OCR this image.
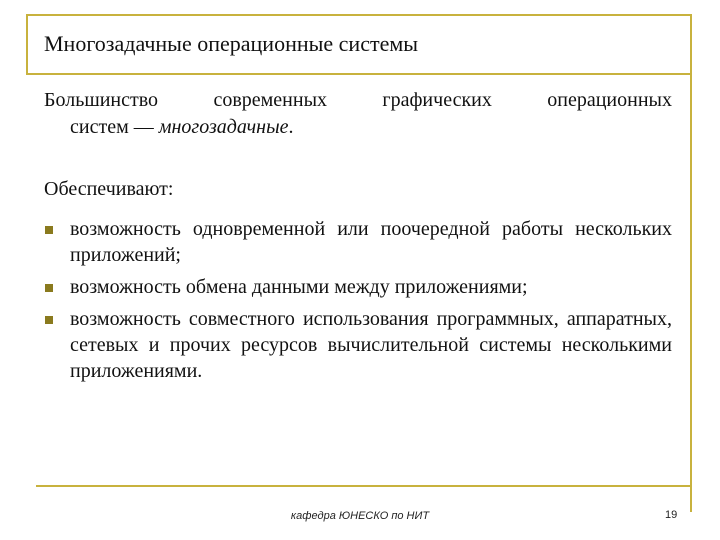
Многозадачные операционные системы
Большинство	современных	графических	операционных
систем — многозадачные.
Обеспечивают:
возможность одновременной или поочередной работы нескольких приложений;
возможность обмена данными между приложениями;
возможность совместного использования программных, аппаратных, сетевых и прочих ресурсов вычислительной системы несколькими приложениями.
кафедра ЮНЕСКО по НИТ	19
